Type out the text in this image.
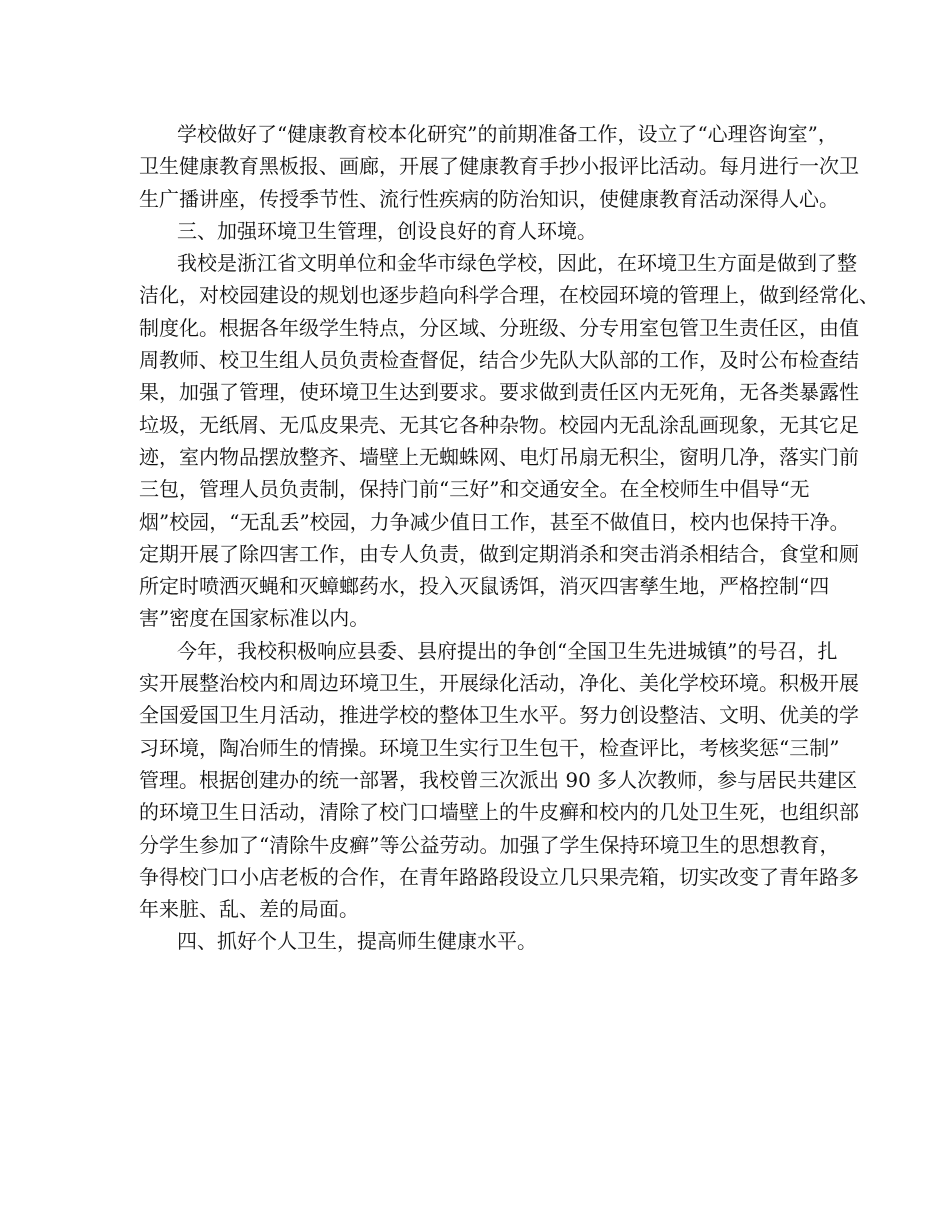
学校做好了“健康教育校本化研究”的前期准备工作，设立了“心理咨询室”，
卫生健康教育黑板报、画廊，开展了健康教育手抄小报评比活动。每月进行一次卫
生广播讲座，传授季节性、流行性疾病的防治知识，使健康教育活动深得人心。
三、加强环境卫生管理，创设良好的育人环境。
我校是浙江省文明单位和金华市绿色学校，因此，在环境卫生方面是做到了整
洁化，对校园建设的规划也逐步趋向科学合理，在校园环境的管理上，做到经常化、
制度化。根据各年级学生特点，分区域、分班级、分专用室包管卫生责任区，由值
周教师、校卫生组人员负责检查督促，结合少先队大队部的工作，及时公布检查结
果，加强了管理，使环境卫生达到要求。要求做到责任区内无死角，无各类暴露性
垃圾，无纸屑、无瓜皮果壳、无其它各种杂物。校园内无乱涂乱画现象，无其它足
迹，室内物品摆放整齐、墙壁上无蜘蛛网、电灯吊扇无积尘，窗明几净，落实门前
三包，管理人员负责制，保持门前“三好”和交通安全。在全校师生中倡导“无
烟”校园，“无乱丢”校园，力争减少值日工作，甚至不做值日，校内也保持干净。
定期开展了除四害工作，由专人负责，做到定期消杀和突击消杀相结合，食堂和厕
所定时喷洒灭蝇和灭蟑螂药水，投入灭鼠诱饵，消灭四害孳生地，严格控制“四
害”密度在国家标准以内。
今年，我校积极响应县委、县府提出的争创“全国卫生先进城镇”的号召，扎
实开展整治校内和周边环境卫生，开展绿化活动，净化、美化学校环境。积极开展
全国爱国卫生月活动，推进学校的整体卫生水平。努力创设整洁、文明、优美的学
习环境，陶冶师生的情操。环境卫生实行卫生包干，检查评比，考核奖惩“三制”
管理。根据创建办的统一部署，我校曾三次派出 90 多人次教师，参与居民共建区
的环境卫生日活动，清除了校门口墙壁上的牛皮癣和校内的几处卫生死，也组织部
分学生参加了“清除牛皮癣”等公益劳动。加强了学生保持环境卫生的思想教育，
争得校门口小店老板的合作，在青年路路段设立几只果壳箱，切实改变了青年路多
年来脏、乱、差的局面。
四、抓好个人卫生，提高师生健康水平。
